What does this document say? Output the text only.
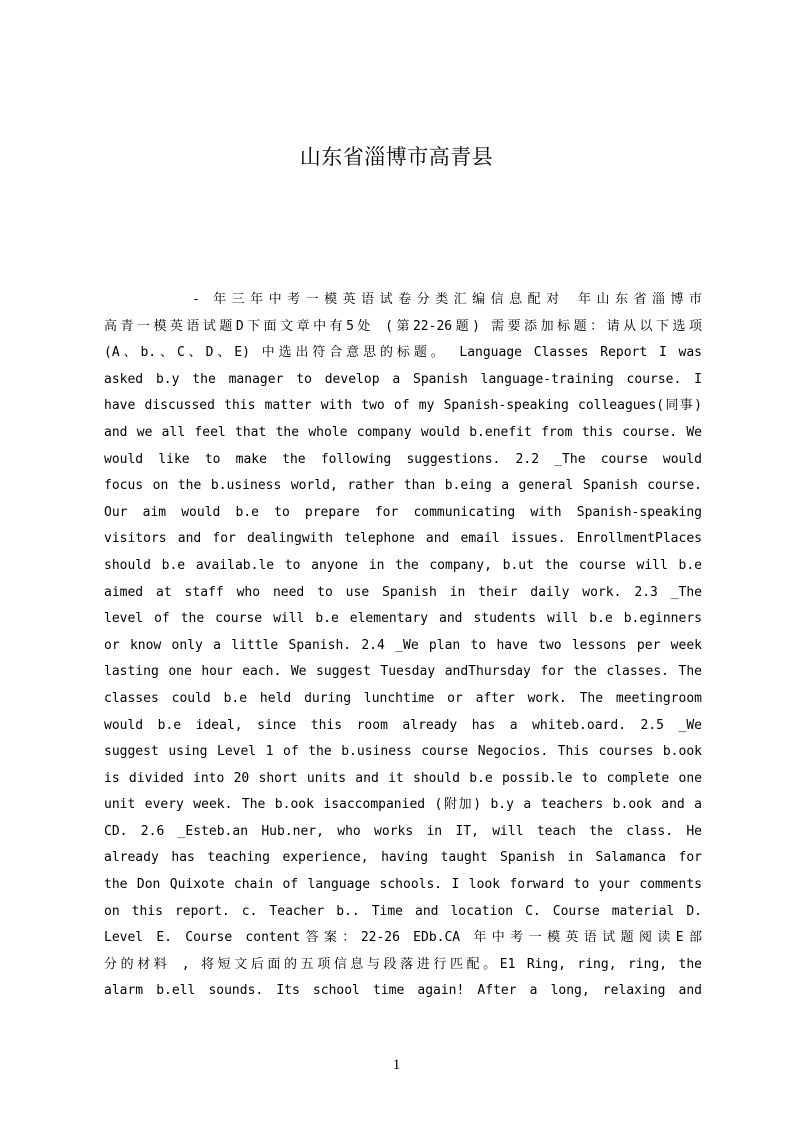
山东省淄博市高青县
- 年三年中考一模英语试卷分类汇编信息配对 年山东省淄博市
高青一模英语试题D下面文章中有5处 (第22-26题) 需要添加标题：请从以下选项
(A、b.、C、D、E) 中选出符合意思的标题。 Language Classes Report I was
asked b.y the manager to develop a Spanish language-training course. I
have discussed this matter with two of my Spanish-speaking colleagues(同事)
and we all feel that the whole company would b.enefit from this course. We
would like to make the following suggestions. 2.2 _The course would
focus on the b.usiness world, rather than b.eing a general Spanish course.
Our aim would b.e to prepare for communicating with Spanish-speaking
visitors and for dealingwith telephone and email issues. EnrollmentPlaces
should b.e availab.le to anyone in the company, b.ut the course will b.e
aimed at staff who need to use Spanish in their daily work. 2.3 _The
level of the course will b.e elementary and students will b.e b.eginners
or know only a little Spanish. 2.4 _We plan to have two lessons per week
lasting one hour each. We suggest Tuesday andThursday for the classes. The
classes could b.e held during lunchtime or after work. The meetingroom
would b.e ideal, since this room already has a whiteb.oard. 2.5 _We
suggest using Level 1 of the b.usiness course Negocios. This courses b.ook
is divided into 20 short units and it should b.e possib.le to complete one
unit every week. The b.ook isaccompanied (附加) b.y a teachers b.ook and a
CD. 2.6 _Esteb.an Hub.ner, who works in IT, will teach the class. He
already has teaching experience, having taught Spanish in Salamanca for
the Don Quixote chain of language schools. I look forward to your comments
on this report. c. Teacher b.. Time and location C. Course material D.
Level E. Course content答案：22-26 EDb.CA 年中考一模英语试题阅读E部
分的材料 , 将短文后面的五项信息与段落进行匹配。E1 Ring, ring, ring, the
alarm b.ell sounds. Its school time again! After a long, relaxing and
1
